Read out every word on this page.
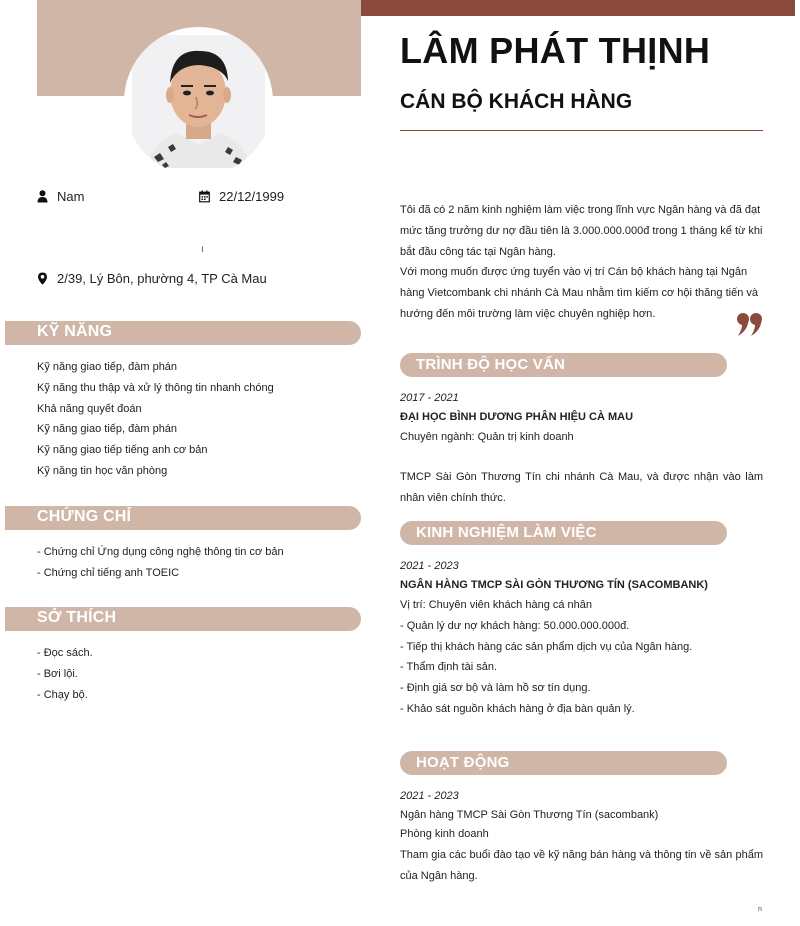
Nam	22/12/1999
ı
2/39, Lý Bôn, phường 4, TP Cà Mau
KỸ NĂNG
Kỹ năng giao tiếp, đàm phán
Kỹ năng thu thập và xử lý thông tin nhanh chóng
Khả năng quyết đoán
Kỹ năng giao tiếp, đàm phán
Kỹ năng giao tiếp tiếng anh cơ bản
Kỹ năng tin học văn phòng
CHỨNG CHỈ
- Chứng chỉ Ứng dụng công nghệ thông tin cơ bản
- Chứng chỉ tiếng anh TOEIC
SỞ THÍCH
- Đọc sách.
- Bơi lội.
- Chạy bộ.
LÂM PHÁT THỊNH
CÁN BỘ KHÁCH HÀNG

Tôi đã có 2 năm kinh nghiệm làm việc trong lĩnh vực Ngân hàng và đã đạt mức tăng trưởng dư nợ đầu tiên là 3.000.000.000đ trong 1 tháng kể từ khi bắt đầu công tác tại Ngân hàng.

Với mong muốn được ứng tuyển vào vị trí Cán bộ khách hàng tại Ngân hàng Vietcombank chi nhánh Cà Mau nhằm tìm kiếm cơ hội thăng tiến và hướng đến môi trường làm việc chuyên nghiệp hơn.

TRÌNH ĐỘ HỌC VẤN
2017 - 2021
ĐẠI HỌC BÌNH DƯƠNG PHÂN HIỆU CÀ MAU
Chuyên ngành: Quản trị kinh doanh
TMCP Sài Gòn Thương Tín chi nhánh Cà Mau, và được nhận vào làm nhân viên chính thức.
KINH NGHIỆM LÀM VIỆC
2021 - 2023
NGÂN HÀNG TMCP SÀI GÒN THƯƠNG TÍN (SACOMBANK)
Vị trí: Chuyên viên khách hàng cá nhân
- Quản lý dư nợ khách hàng: 50.000.000.000đ.
- Tiếp thị khách hàng các sản phẩm dịch vụ của Ngân hàng.
- Thẩm định tài sản.
- Định giá sơ bộ và làm hồ sơ tín dụng.
- Khảo sát nguồn khách hàng ở địa bàn quản lý.
HOẠT ĐỘNG
2021 - 2023
Ngân hàng TMCP Sài Gòn Thương Tín (sacombank)
Phòng kinh doanh
Tham gia các buổi đào tạo về kỹ năng bán hàng và thông tin về sản phẩm của Ngân hàng.
n
